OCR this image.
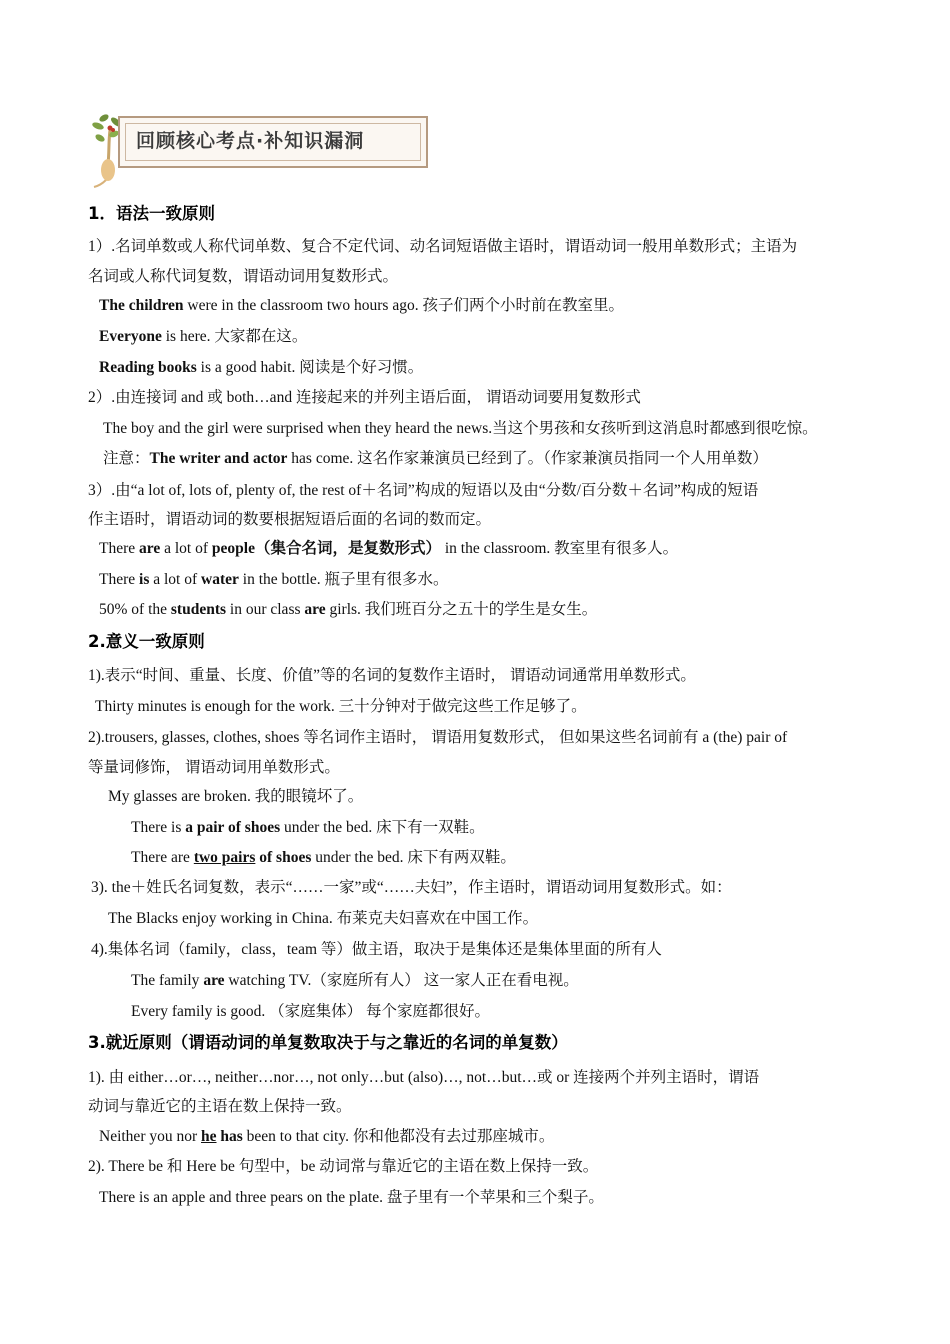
回顾核心考点·补知识漏洞
1．语法一致原则
1）.名词单数或人称代词单数、复合不定代词、动名词短语做主语时，谓语动词一般用单数形式；主语为
名词或人称代词复数，谓语动词用复数形式。
The children were in the classroom two hours ago. 孩子们两个小时前在教室里。
Everyone is here. 大家都在这。
Reading books is a good habit. 阅读是个好习惯。
2）.由连接词 and 或 both…and 连接起来的并列主语后面， 谓语动词要用复数形式
The boy and the girl were surprised when they heard the news.当这个男孩和女孩听到这消息时都感到很吃惊。
注意：The writer and actor has come. 这名作家兼演员已经到了。（作家兼演员指同一个人用单数）
3）.由“a lot of, lots of, plenty of, the rest of＋名词”构成的短语以及由“分数/百分数＋名词”构成的短语
作主语时，谓语动词的数要根据短语后面的名词的数而定。
There are a lot of people（集合名词，是复数形式） in the classroom. 教室里有很多人。
There is a lot of water in the bottle. 瓶子里有很多水。
50% of the students in our class are girls. 我们班百分之五十的学生是女生。
2.意义一致原则
1).表示“时间、重量、长度、价值”等的名词的复数作主语时， 谓语动词通常用单数形式。
Thirty minutes is enough for the work. 三十分钟对于做完这些工作足够了。
2).trousers, glasses, clothes, shoes 等名词作主语时， 谓语用复数形式， 但如果这些名词前有 a (the) pair of
等量词修饰， 谓语动词用单数形式。
My glasses are broken. 我的眼镜坏了。
There is a pair of shoes under the bed. 床下有一双鞋。
There are two pairs of shoes under the bed. 床下有两双鞋。
3). the＋姓氏名词复数，表示“……一家”或“……夫妇”，作主语时，谓语动词用复数形式。如：
The Blacks enjoy working in China. 布莱克夫妇喜欢在中国工作。
4).集体名词（family，class，team 等）做主语，取决于是集体还是集体里面的所有人
The family are watching TV.（家庭所有人） 这一家人正在看电视。
Every family is good. （家庭集体） 每个家庭都很好。
3.就近原则（谓语动词的单复数取决于与之靠近的名词的单复数）
1). 由 either…or…, neither…nor…, not only…but (also)…, not…but…或 or 连接两个并列主语时，谓语
动词与靠近它的主语在数上保持一致。
Neither you nor he has been to that city. 你和他都没有去过那座城市。
2). There be 和 Here be 句型中，be 动词常与靠近它的主语在数上保持一致。
There is an apple and three pears on the plate. 盘子里有一个苹果和三个梨子。
